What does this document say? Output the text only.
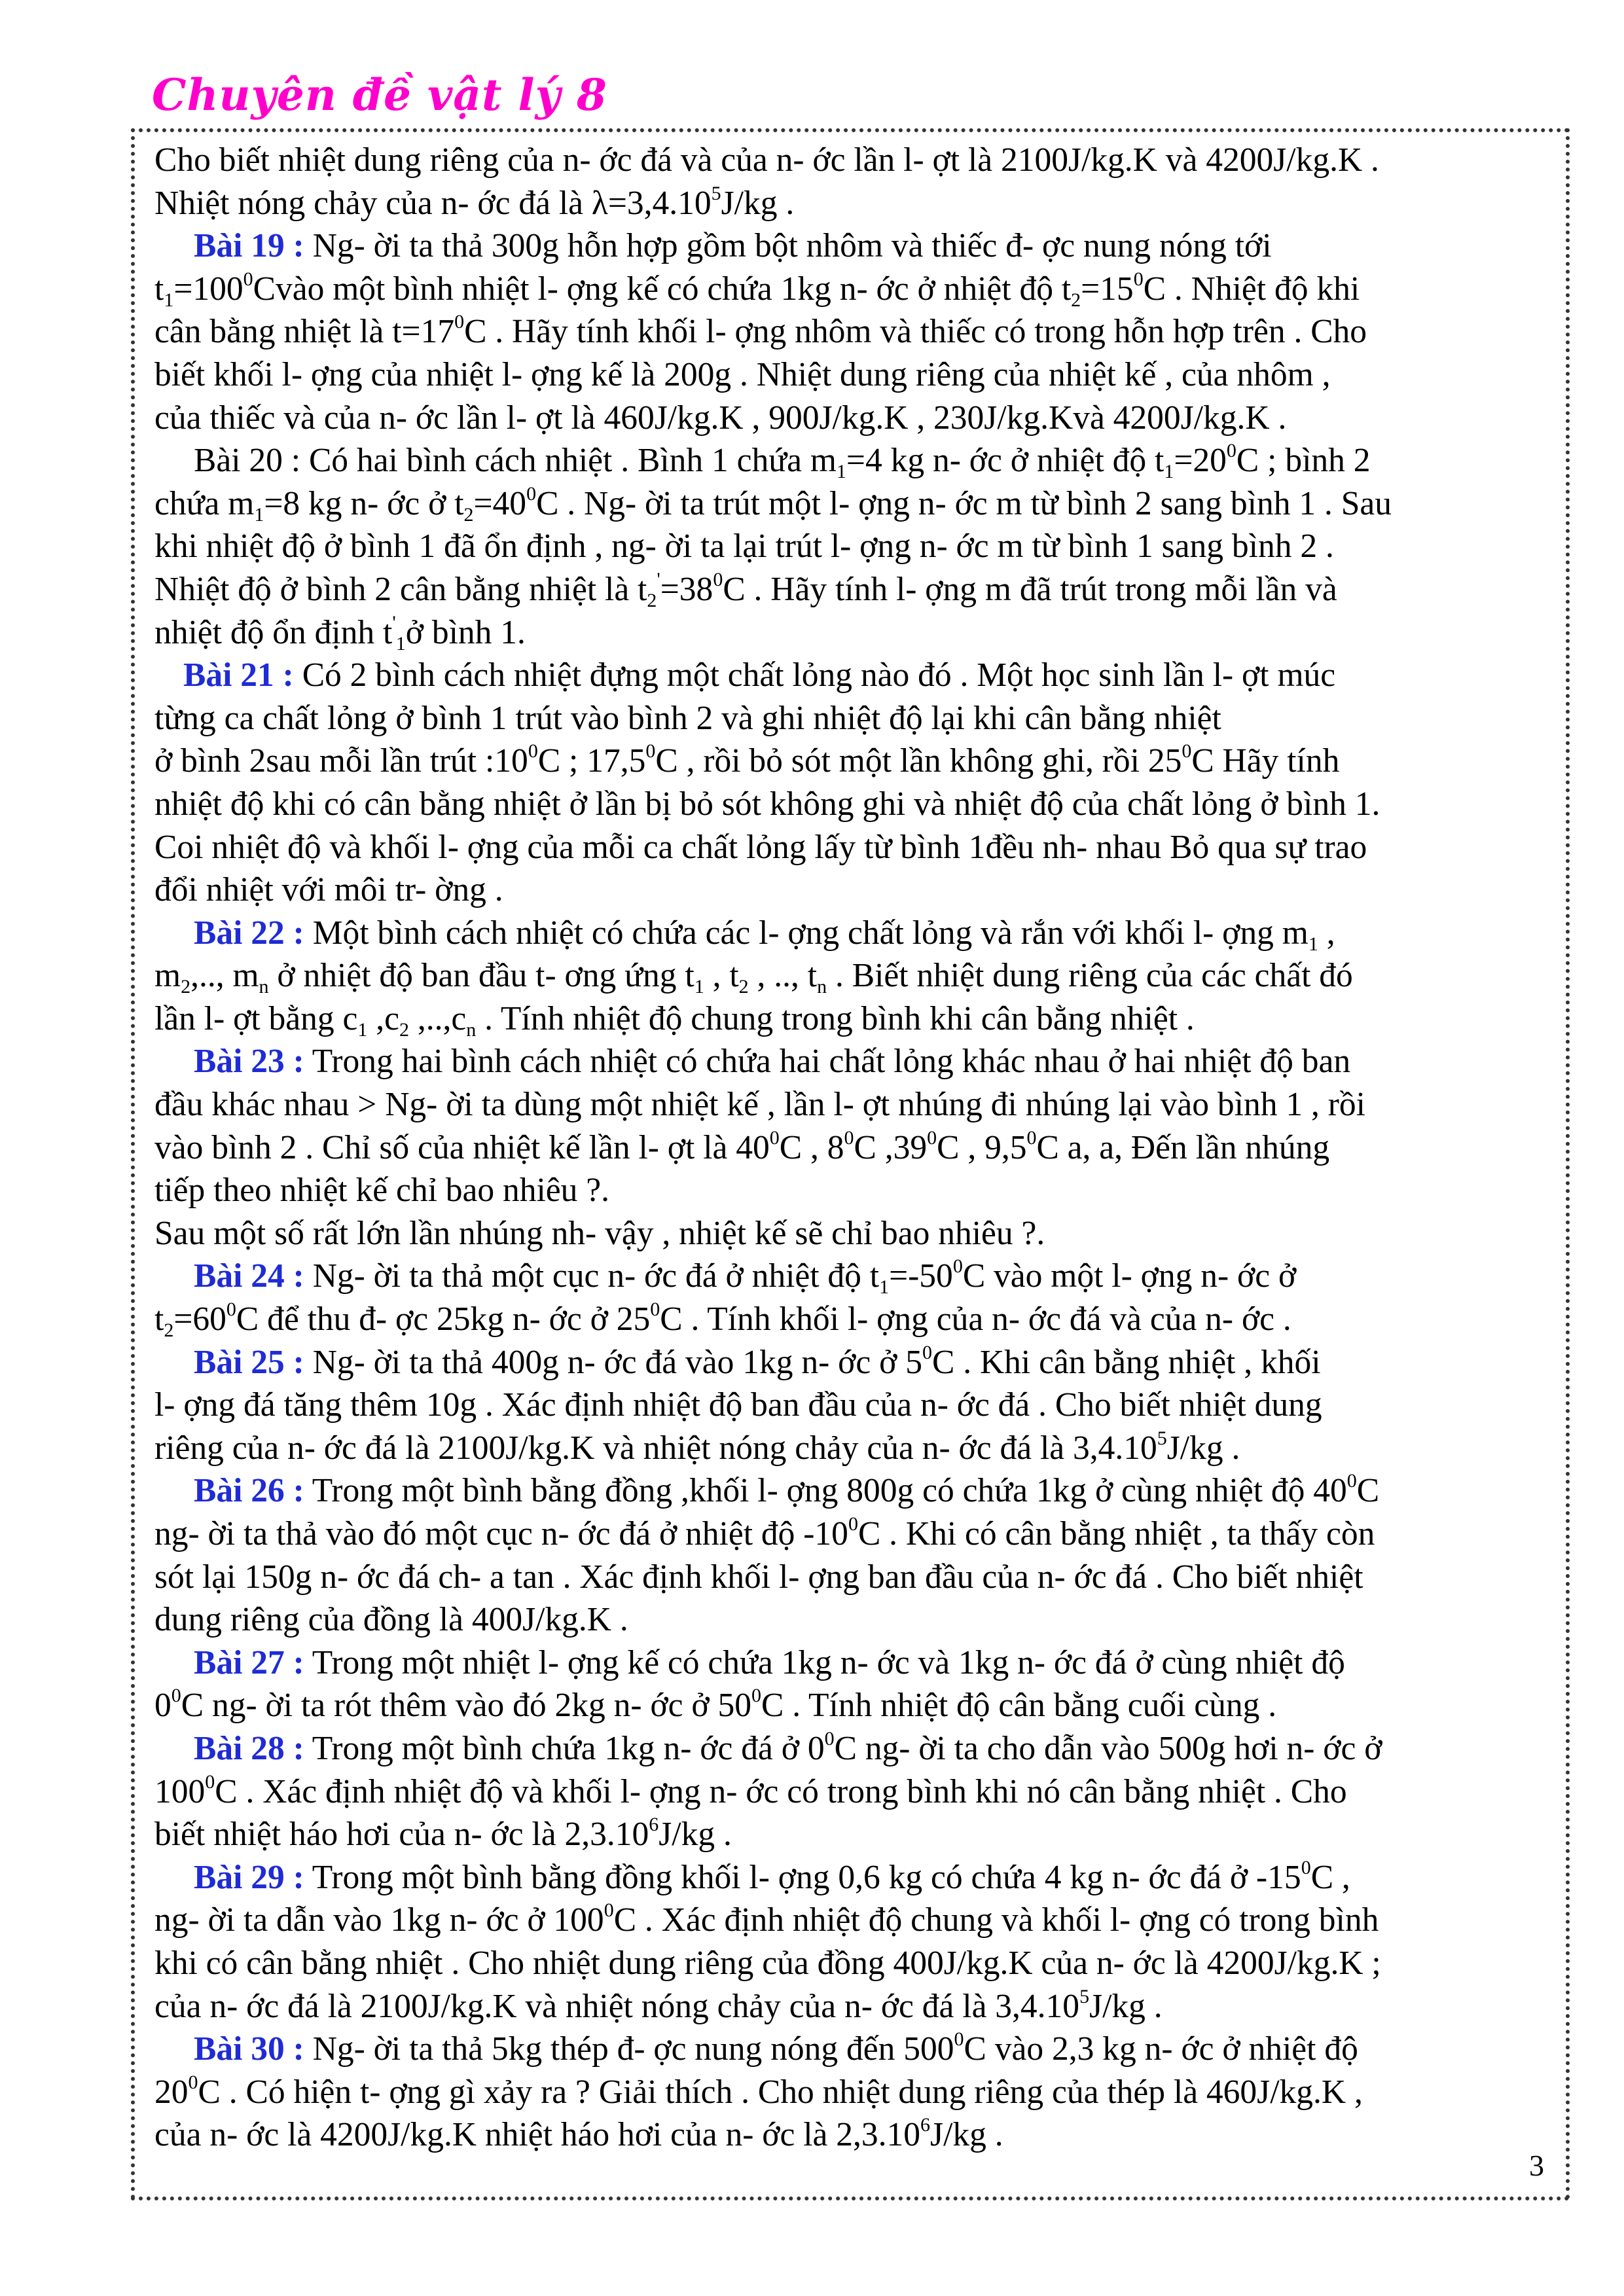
Chuyên đề vật lý 8
Cho biết nhiệt dung riêng của n- ớc đá và của n- ớc lần l- ợt là 2100J/kg.K và 4200J/kg.K .
Nhiệt nóng chảy của n- ớc đá là $\lambda=3,4.10^5J/kg$ .
Bài 19 : Ng- ời ta thả 300g hỗn hợp gồm bột nhôm và thiếc đ- ợc nung nóng tới
$t_1=100^0Cvào$ một bình nhiệt l- ợng kế có chứa 1kg n- ớc ở nhiệt độ $t_2=15^0C$ . Nhiệt độ khi
cân bằng nhiệt là $t=17^0C$ . Hãy tính khối l- ợng nhôm và thiếc có trong hỗn hợp trên . Cho
biết khối l- ợng của nhiệt l- ợng kế là 200g . Nhiệt dung riêng của nhiệt kế , của nhôm ,
của thiếc và của n- ớc lần l- ợt là 460J/kg.K , 900J/kg.K , 230J/kg.Kvà 4200J/kg.K .
Bài 20 : Có hai bình cách nhiệt . Bình 1 chứa $m_1=4$ kg n- ớc ở nhiệt độ $t_1=20^0C$ ; bình 2
chứa $m_1=8$ kg n- ớc ở $t_2=40^0C$ . Ng- ời ta trút một l- ợng n- ớc m từ bình 2 sang bình 1 . Sau
khi nhiệt độ ở bình 1 đã ổn định , ng- ời ta lại trút l- ợng n- ớc m từ bình 1 sang bình 2 .
Nhiệt độ ở bình 2 cân bằng nhiệt là $t_2'=38^0C$ . Hãy tính l- ợng m đã trút trong mỗi lần và
nhiệt độ ổn định $t'_1ở$ bình 1.
Bài 21 : Có 2 bình cách nhiệt đựng một chất lỏng nào đó . Một học sinh lần l- ợt múc
từng ca chất lỏng ở bình 1 trút vào bình 2 và ghi nhiệt độ lại khi cân bằng nhiệt
ở bình 2sau mỗi lần trút $:10^0C$ ; 17,5$^0$C , rồi bỏ sót một lần không ghi, rồi $25^0C$ Hãy tính
nhiệt độ khi có cân bằng nhiệt ở lần bị bỏ sót không ghi và nhiệt độ của chất lỏng ở bình 1.
Coi nhiệt độ và khối l- ợng của mỗi ca chất lỏng lấy từ bình 1đều nh- nhau Bỏ qua sự trao
đổi nhiệt với môi tr- ờng .
Bài 22 : Một bình cách nhiệt có chứa các l- ợng chất lỏng và rắn với khối l- ợng $m_1$ ,
$m_2$,.., $m_n$ ở nhiệt độ ban đầu t- ơng ứng $t_1$ , $t_2$ , .., $t_n$ . Biết nhiệt dung riêng của các chất đó
lần l- ợt bằng $c_1$ $,c_2$ $,..,c_n$ . Tính nhiệt độ chung trong bình khi cân bằng nhiệt .
Bài 23 : Trong hai bình cách nhiệt có chứa hai chất lỏng khác nhau ở hai nhiệt độ ban
đầu khác nhau > Ng- ời ta dùng một nhiệt kế , lần l- ợt nhúng đi nhúng lại vào bình 1 , rồi
vào bình 2 . Chỉ số của nhiệt kế lần l- ợt là $40^0C$ , $8^0C$ $,39^0C$ , $9,5^0C$ a, a, Đến lần nhúng
tiếp theo nhiệt kế chỉ bao nhiêu ?.
Sau một số rất lớn lần nhúng nh- vậy , nhiệt kế sẽ chỉ bao nhiêu ?.
Bài 24 : Ng- ời ta thả một cục n- ớc đá ở nhiệt độ $t_1=-50^0C$ vào một l- ợng n- ớc ở
$t_2=60^0C$ để thu đ- ợc 25kg n- ớc ở $25^0C$ . Tính khối l- ợng của n- ớc đá và của n- ớc .
Bài 25 : Ng- ời ta thả 400g n- ớc đá vào 1kg n- ớc ở $5^0C$ . Khi cân bằng nhiệt , khối
l- ợng đá tăng thêm 10g . Xác định nhiệt độ ban đầu của n- ớc đá . Cho biết nhiệt dung
riêng của n- ớc đá là 2100J/kg.K và nhiệt nóng chảy của n- ớc đá là 3,4.10$^5$J/kg .
Bài 26 : Trong một bình bằng đồng ,khối l- ợng 800g có chứa 1kg ở cùng nhiệt độ $40^0C$
ng- ời ta thả vào đó một cục n- ớc đá ở nhiệt độ $-10^0C$ . Khi có cân bằng nhiệt , ta thấy còn
sót lại 150g n- ớc đá ch- a tan . Xác định khối l- ợng ban đầu của n- ớc đá . Cho biết nhiệt
dung riêng của đồng là 400J/kg.K .
Bài 27 : Trong một nhiệt l- ợng kế có chứa 1kg n- ớc và 1kg n- ớc đá ở cùng nhiệt độ
$0^0C$ ng- ời ta rót thêm vào đó 2kg n- ớc ở $50^0C$ . Tính nhiệt độ cân bằng cuối cùng .
Bài 28 : Trong một bình chứa 1kg n- ớc đá ở $0^0C$ ng- ời ta cho dẫn vào 500g hơi n- ớc ở
$100^0C$ . Xác định nhiệt độ và khối l- ợng n- ớc có trong bình khi nó cân bằng nhiệt . Cho
biết nhiệt háo hơi của n- ớc là 2,3.10$^6$J/kg .
Bài 29 : Trong một bình bằng đồng khối l- ợng 0,6 kg có chứa 4 kg n- ớc đá ở $-15^0C$ ,
ng- ời ta dẫn vào 1kg n- ớc ở $100^0C$ . Xác định nhiệt độ chung và khối l- ợng có trong bình
khi có cân bằng nhiệt . Cho nhiệt dung riêng của đồng 400J/kg.K của n- ớc là 4200J/kg.K ;
của n- ớc đá là 2100J/kg.K và nhiệt nóng chảy của n- ớc đá là 3,4.10$^5$J/kg .
Bài 30 : Ng- ời ta thả 5kg thép đ- ợc nung nóng đến $500^0C$ vào 2,3 kg n- ớc ở nhiệt độ
$20^0C$ . Có hiện t- ợng gì xảy ra ? Giải thích . Cho nhiệt dung riêng của thép là 460J/kg.K ,
của n- ớc là 4200J/kg.K nhiệt háo hơi của n- ớc là 2,3.10$^6$J/kg .
3
